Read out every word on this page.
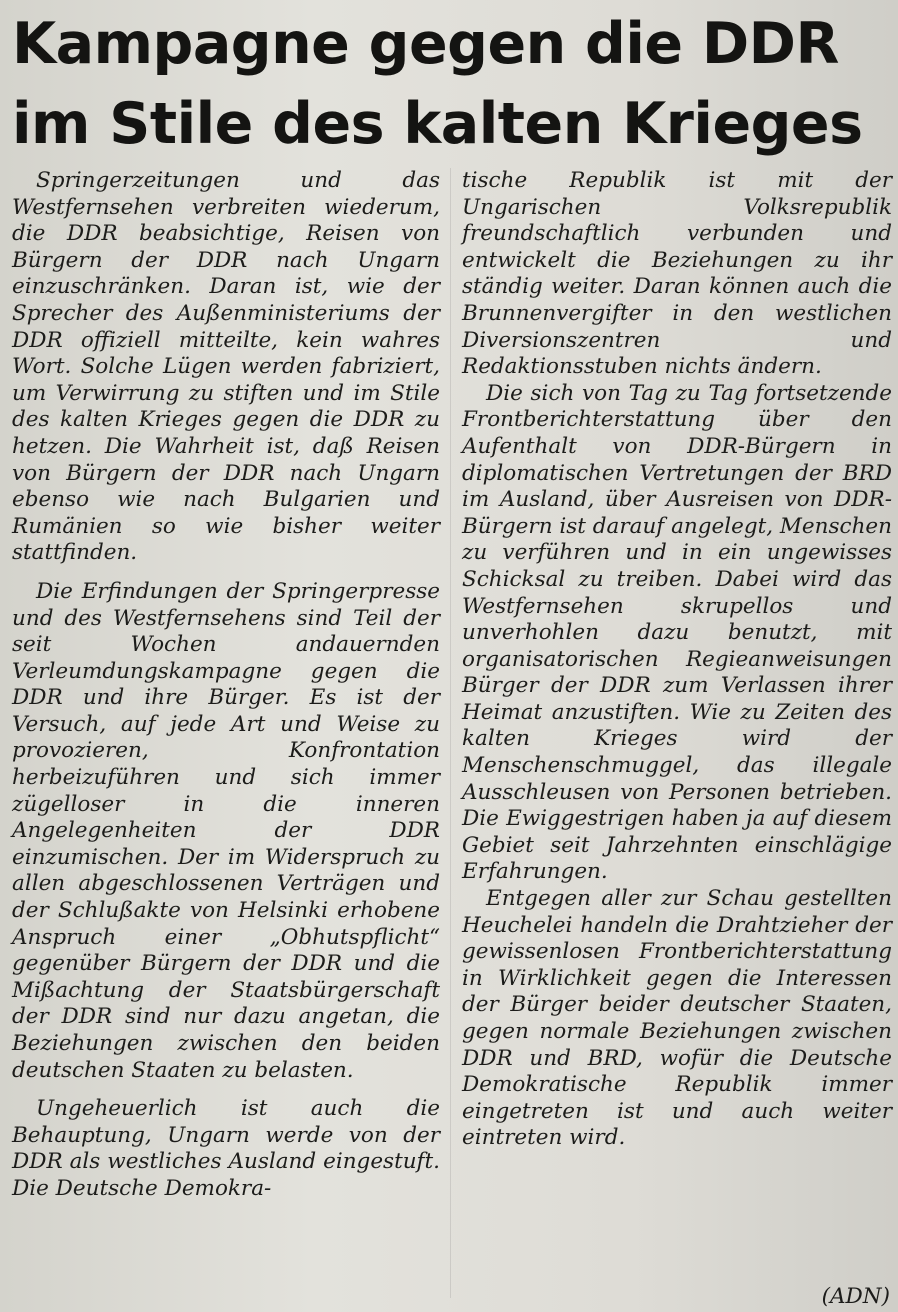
Kampagne gegen die DDR
im Stile des kalten Krieges

Springerzeitungen und das Westfernsehen verbreiten wiederum, die DDR beabsichtige, Reisen von Bürgern der DDR nach Ungarn einzuschränken. Daran ist, wie der Sprecher des Außenministeriums der DDR offiziell mitteilte, kein wahres Wort. Solche Lügen werden fabriziert, um Verwirrung zu stiften und im Stile des kalten Krieges gegen die DDR zu hetzen. Die Wahrheit ist, daß Reisen von Bürgern der DDR nach Ungarn ebenso wie nach Bulgarien und Rumänien so wie bisher weiter stattfinden.

Die Erfindungen der Springerpresse und des Westfernsehens sind Teil der seit Wochen andauernden Verleumdungskampagne gegen die DDR und ihre Bürger. Es ist der Versuch, auf jede Art und Weise zu provozieren, Konfrontation herbeizuführen und sich immer zügelloser in die inneren Angelegenheiten der DDR einzumischen. Der im Widerspruch zu allen abgeschlossenen Verträgen und der Schlußakte von Helsinki erhobene Anspruch einer „Obhutspflicht“ gegenüber Bürgern der DDR und die Mißachtung der Staatsbürgerschaft der DDR sind nur dazu angetan, die Beziehungen zwischen den beiden deutschen Staaten zu belasten.

Ungeheuerlich ist auch die Behauptung, Ungarn werde von der DDR als westliches Ausland eingestuft. Die Deutsche Demokra-

tische Republik ist mit der Ungarischen Volksrepublik freundschaftlich verbunden und entwickelt die Beziehungen zu ihr ständig weiter. Daran können auch die Brunnenvergifter in den westlichen Diversionszentren und Redaktionsstuben nichts ändern.

Die sich von Tag zu Tag fortsetzende Frontberichterstattung über den Aufenthalt von DDR-Bürgern in diplomatischen Vertretungen der BRD im Ausland, über Ausreisen von DDR-Bürgern ist darauf angelegt, Menschen zu verführen und in ein ungewisses Schicksal zu treiben. Dabei wird das Westfernsehen skrupellos und unverhohlen dazu benutzt, mit organisatorischen Regieanweisungen Bürger der DDR zum Verlassen ihrer Heimat anzustiften. Wie zu Zeiten des kalten Krieges wird der Menschenschmuggel, das illegale Ausschleusen von Personen betrieben. Die Ewiggestrigen haben ja auf diesem Gebiet seit Jahrzehnten einschlägige Erfahrungen.

Entgegen aller zur Schau gestellten Heuchelei handeln die Drahtzieher der gewissenlosen Frontberichterstattung in Wirklichkeit gegen die Interessen der Bürger beider deutscher Staaten, gegen normale Beziehungen zwischen DDR und BRD, wofür die Deutsche Demokratische Republik immer eingetreten ist und auch weiter eintreten wird.

(ADN)
